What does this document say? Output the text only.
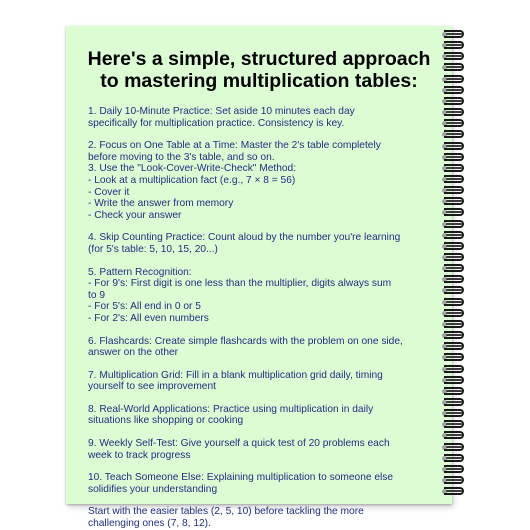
Here's a simple, structured approach
to mastering multiplication tables:
1. Daily 10-Minute Practice: Set aside 10 minutes each day
specifically for multiplication practice. Consistency is key.
2. Focus on One Table at a Time: Master the 2's table completely
before moving to the 3's table, and so on.
3. Use the "Look-Cover-Write-Check" Method:
- Look at a multiplication fact (e.g., 7 × 8 = 56)
- Cover it
- Write the answer from memory
- Check your answer
4. Skip Counting Practice: Count aloud by the number you're learning
(for 5's table: 5, 10, 15, 20...)
5. Pattern Recognition:
- For 9's: First digit is one less than the multiplier, digits always sum
to 9
- For 5's: All end in 0 or 5
- For 2's: All even numbers
6. Flashcards: Create simple flashcards with the problem on one side,
answer on the other
7. Multiplication Grid: Fill in a blank multiplication grid daily, timing
yourself to see improvement
8. Real-World Applications: Practice using multiplication in daily
situations like shopping or cooking
9. Weekly Self-Test: Give yourself a quick test of 20 problems each
week to track progress
10. Teach Someone Else: Explaining multiplication to someone else
solidifies your understanding
Start with the easier tables (2, 5, 10) before tackling the more
challenging ones (7, 8, 12).
